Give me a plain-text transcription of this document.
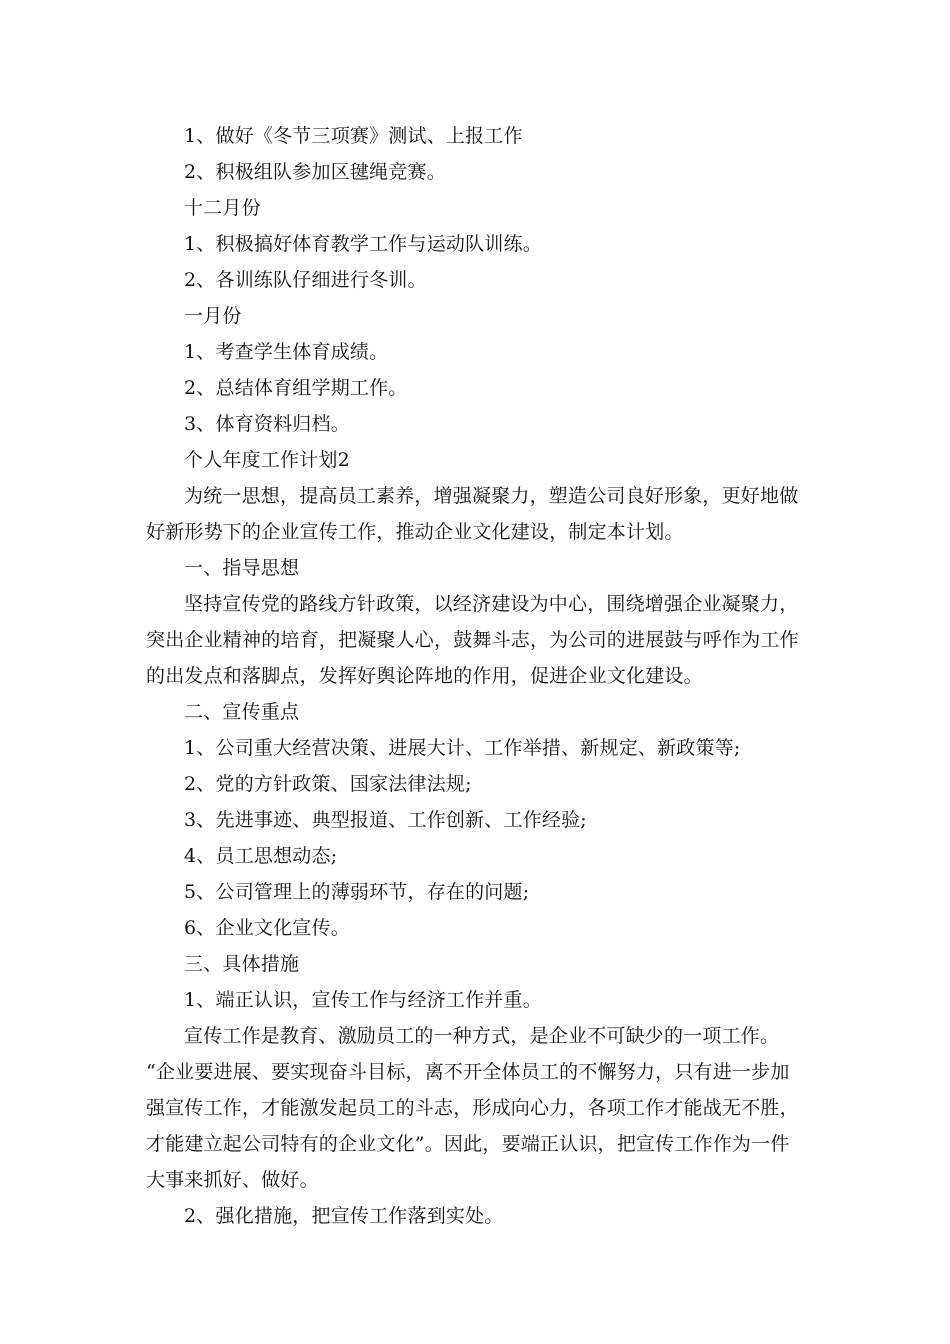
1、做好《冬节三项赛》测试、上报工作
2、积极组队参加区毽绳竞赛。
十二月份
1、积极搞好体育教学工作与运动队训练。
2、各训练队仔细进行冬训。
一月份
1、考查学生体育成绩。
2、总结体育组学期工作。
3、体育资料归档。
个人年度工作计划2
为统一思想，提高员工素养，增强凝聚力，塑造公司良好形象，更好地做
好新形势下的企业宣传工作，推动企业文化建设，制定本计划。
一、指导思想
坚持宣传党的路线方针政策，以经济建设为中心，围绕增强企业凝聚力，
突出企业精神的培育，把凝聚人心，鼓舞斗志，为公司的进展鼓与呼作为工作
的出发点和落脚点，发挥好舆论阵地的作用，促进企业文化建设。
二、宣传重点
1、公司重大经营决策、进展大计、工作举措、新规定、新政策等;
2、党的方针政策、国家法律法规;
3、先进事迹、典型报道、工作创新、工作经验;
4、员工思想动态;
5、公司管理上的薄弱环节，存在的问题;
6、企业文化宣传。
三、具体措施
1、端正认识，宣传工作与经济工作并重。
宣传工作是教育、激励员工的一种方式，是企业不可缺少的一项工作。
“企业要进展、要实现奋斗目标，离不开全体员工的不懈努力，只有进一步加
强宣传工作，才能激发起员工的斗志，形成向心力，各项工作才能战无不胜，
才能建立起公司特有的企业文化”。因此，要端正认识，把宣传工作作为一件
大事来抓好、做好。
2、强化措施，把宣传工作落到实处。
